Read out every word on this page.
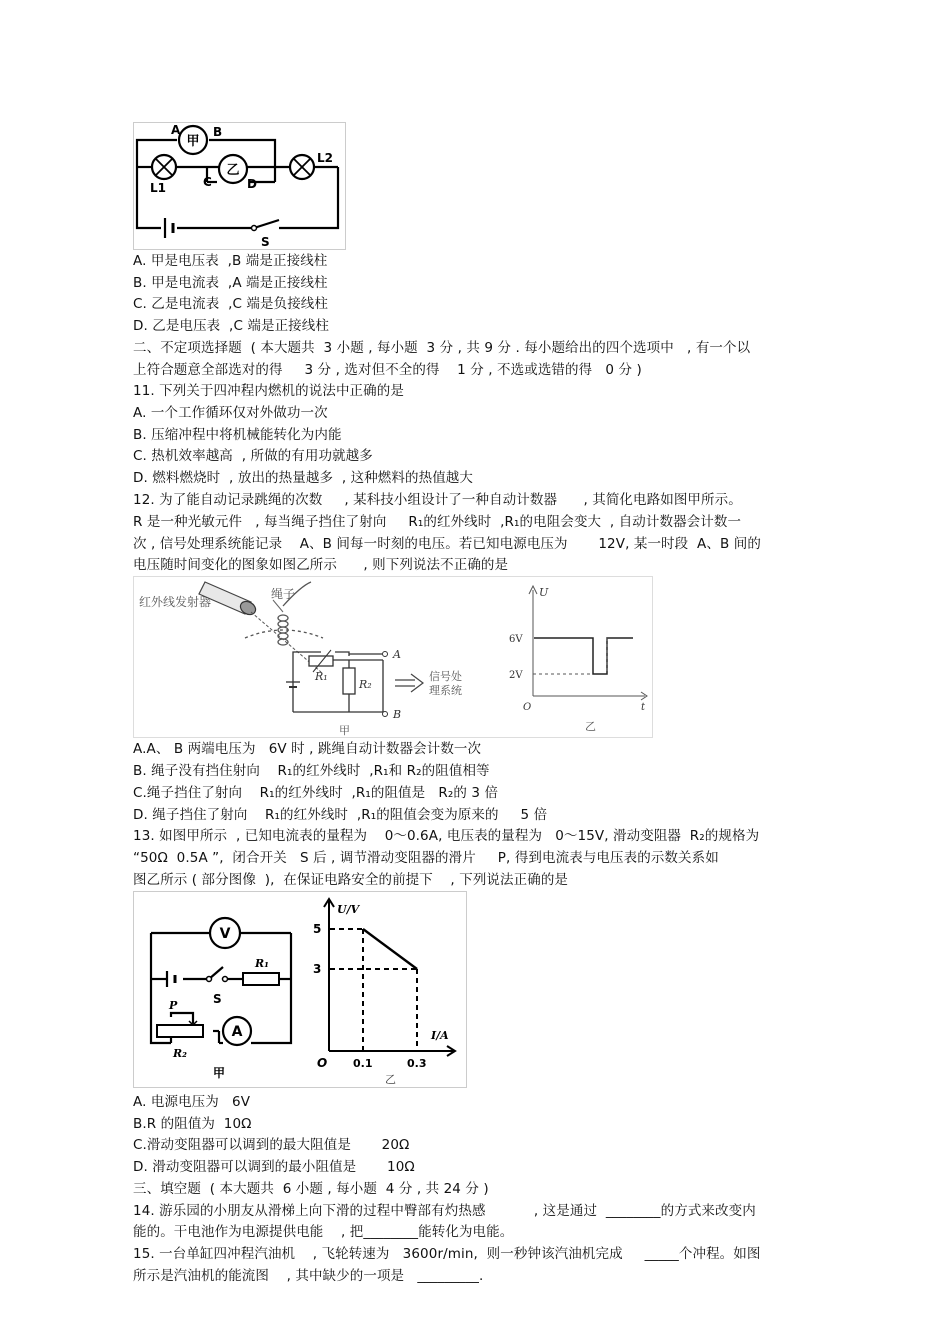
甲
A	B
L1
乙
C	D
L2
S
A. 甲是电压表  ,B 端是正接线柱
B. 甲是电流表  ,A 端是正接线柱
C. 乙是电流表  ,C 端是负接线柱
D. 乙是电压表  ,C 端是正接线柱
二、不定项选择题  ( 本大题共  3 小题 , 每小题  3 分 , 共 9 分 . 每小题给出的四个选项中   , 有一个以
上符合题意全部选对的得     3 分 , 选对但不全的得    1 分 , 不选或选错的得   0 分 )
11. 下列关于四冲程内燃机的说法中正确的是
A. 一个工作循环仅对外做功一次
B. 压缩冲程中将机械能转化为内能
C. 热机效率越高  , 所做的有用功就越多
D. 燃料燃烧时  , 放出的热量越多  , 这种燃料的热值越大
12. 为了能自动记录跳绳的次数     , 某科技小组设计了一种自动计数器      , 其简化电路如图甲所示。
R 是一种光敏元件   , 每当绳子挡住了射向     R₁的红外线时  ,R₁的电阻会变大  , 自动计数器会计数一
次 , 信号处理系统能记录    A、B 间每一时刻的电压。若已知电源电压为       12V, 某一时段  A、B 间的
电压随时间变化的图象如图乙所示      , 则下列说法不正确的是
红外线发射器
绳子
R₂
R₁
A
B
信号处
理系统
甲
U
6V
2V
O	t
乙
A.A、 B 两端电压为   6V 时 , 跳绳自动计数器会计数一次
B. 绳子没有挡住射向    R₁的红外线时  ,R₁和 R₂的阻值相等
C.绳子挡住了射向    R₁的红外线时  ,R₁的阻值是   R₂的 3 倍
D. 绳子挡住了射向    R₁的红外线时  ,R₁的阻值会变为原来的     5 倍
13. 如图甲所示  , 已知电流表的量程为    0～0.6A, 电压表的量程为   0～15V, 滑动变阻器  R₂的规格为
“50Ω  0.5A ”,  闭合开关   S 后 , 调节滑动变阻器的滑片     P, 得到电流表与电压表的示数关系如
图乙所示 ( 部分图像  ),  在保证电路安全的前提下    , 下列说法正确的是
R₁
S
V
P
R₂
A
甲
U/V
I/A
5
3
O 0.1	0.3
乙
A. 电源电压为   6V
B.R 的阻值为  10Ω
C.滑动变阻器可以调到的最大阻值是       20Ω
D. 滑动变阻器可以调到的最小阻值是       10Ω
三、填空题  ( 本大题共  6 小题 , 每小题  4 分 , 共 24 分 )
14. 游乐园的小朋友从滑梯上向下滑的过程中臀部有灼热感           , 这是通过  ________的方式来改变内
能的。干电池作为电源提供电能    , 把________能转化为电能。
15. 一台单缸四冲程汽油机    , 飞轮转速为   3600r/min,  则一秒钟该汽油机完成     _____个冲程。如图
所示是汽油机的能流图    , 其中缺少的一项是   _________.
